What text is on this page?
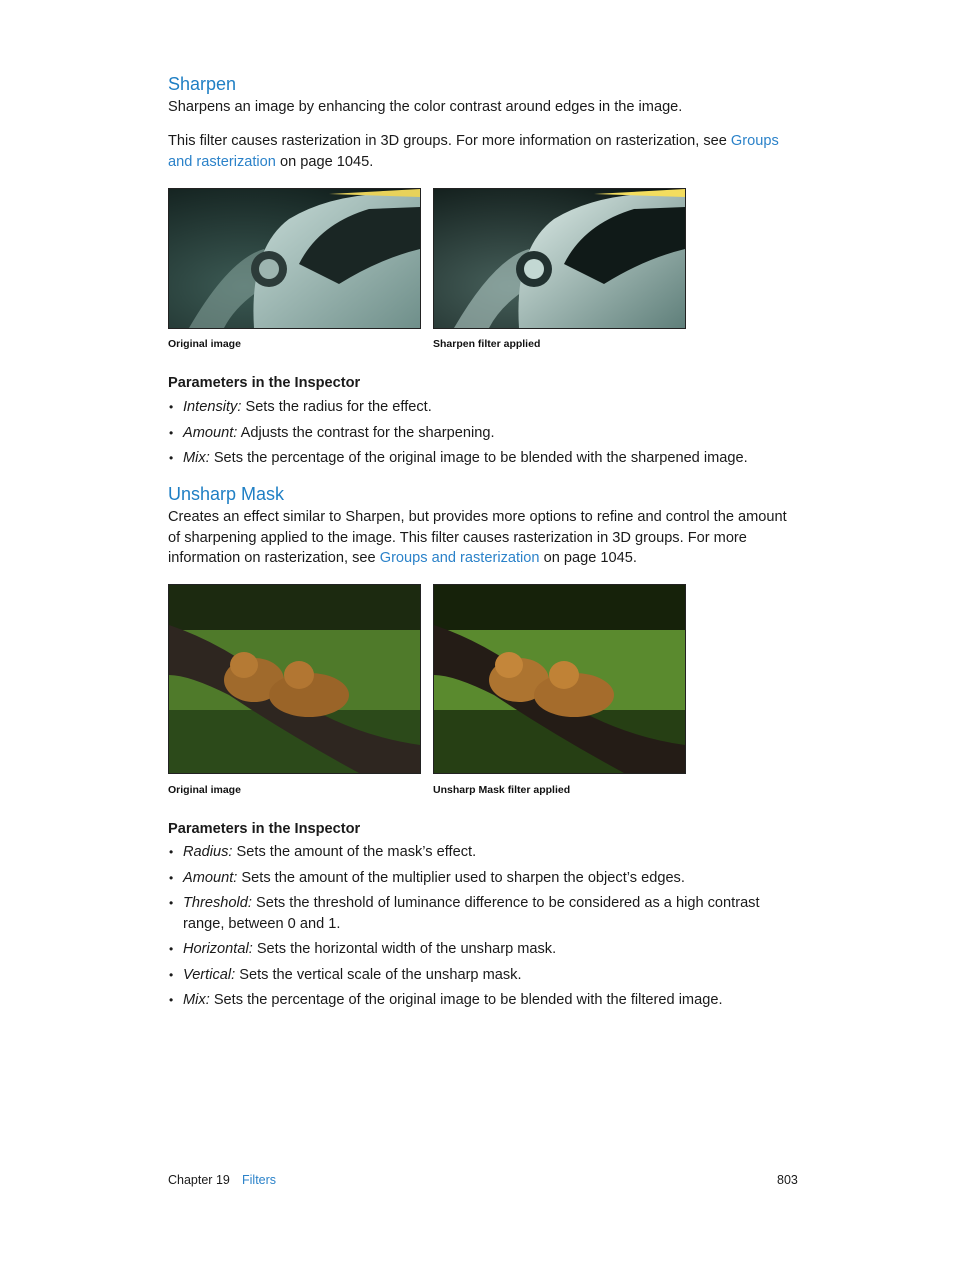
Sharpen

Sharpens an image by enhancing the color contrast around edges in the image.

This filter causes rasterization in 3D groups. For more information on rasterization, see Groups and rasterization on page 1045.

Original image	Sharpen filter applied
Parameters in the Inspector
• Intensity: Sets the radius for the effect.
• Amount: Adjusts the contrast for the sharpening.
• Mix: Sets the percentage of the original image to be blended with the sharpened image.
Unsharp Mask

Creates an effect similar to Sharpen, but provides more options to refine and control the amount of sharpening applied to the image. This filter causes rasterization in 3D groups. For more information on rasterization, see Groups and rasterization on page 1045.

Original image	Unsharp Mask filter applied
Parameters in the Inspector
• Radius: Sets the amount of the mask’s effect.
• Amount: Sets the amount of the multiplier used to sharpen the object’s edges.
• Threshold: Sets the threshold of luminance difference to be considered as a high contrast range, between 0 and 1.
• Horizontal: Sets the horizontal width of the unsharp mask.
• Vertical: Sets the vertical scale of the unsharp mask.
• Mix: Sets the percentage of the original image to be blended with the filtered image.
Chapter 19 Filters	803
